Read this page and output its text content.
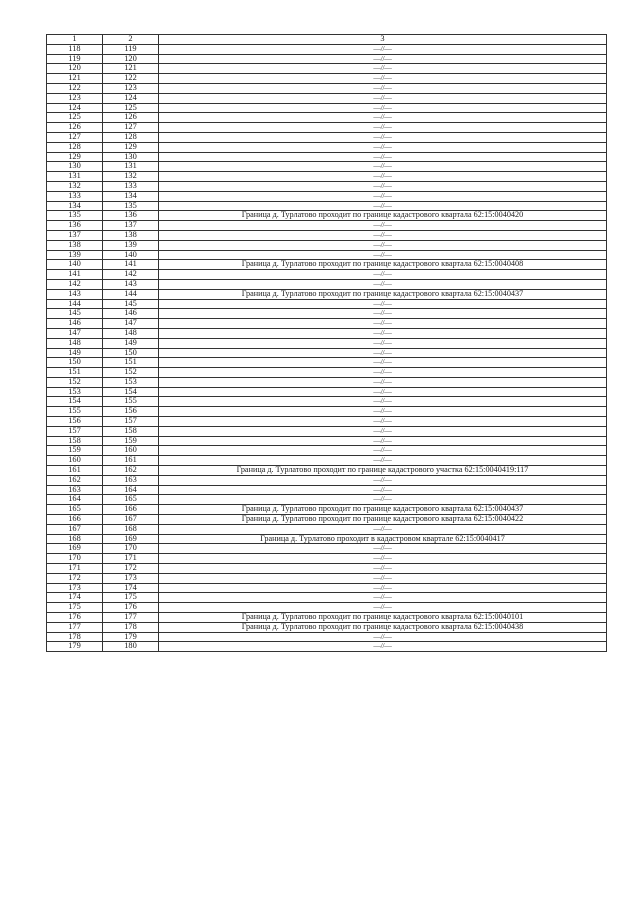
1	2	3
118	119	—//—
119	120	—//—
120	121	—//—
121	122	—//—
122	123	—//—
123	124	—//—
124	125	—//—
125	126	—//—
126	127	—//—
127	128	—//—
128	129	—//—
129	130	—//—
130	131	—//—
131	132	—//—
132	133	—//—
133	134	—//—
134	135	—//—
135	136	Граница д. Турлатово проходит по границе кадастрового квартала 62:15:0040420
136	137	—//—
137	138	—//—
138	139	—//—
139	140	—//—
140	141	Граница д. Турлатово проходит по границе кадастрового квартала 62:15:0040408
141	142	—//—
142	143	—//—
143	144	Граница д. Турлатово проходит по границе кадастрового квартала 62:15:0040437
144	145	—//—
145	146	—//—
146	147	—//—
147	148	—//—
148	149	—//—
149	150	—//—
150	151	—//—
151	152	—//—
152	153	—//—
153	154	—//—
154	155	—//—
155	156	—//—
156	157	—//—
157	158	—//—
158	159	—//—
159	160	—//—
160	161	—//—
161	162	Граница д. Турлатово проходит по границе кадастрового участка 62:15:0040419:117
162	163	—//—
163	164	—//—
164	165	—//—
165	166	Граница д. Турлатово проходит по границе кадастрового квартала 62:15:0040437
166	167	Граница д. Турлатово проходит по границе кадастрового квартала 62:15:0040422
167	168	—//—
168	169	Граница д. Турлатово проходит в кадастровом квартале 62:15:0040417
169	170	—//—
170	171	—//—
171	172	—//—
172	173	—//—
173	174	—//—
174	175	—//—
175	176	—//—
176	177	Граница д. Турлатово проходит по границе кадастрового квартала 62:15:0040101
177	178	Граница д. Турлатово проходит по границе кадастрового квартала 62:15:0040438
178	179	—//—
179	180	—//—
